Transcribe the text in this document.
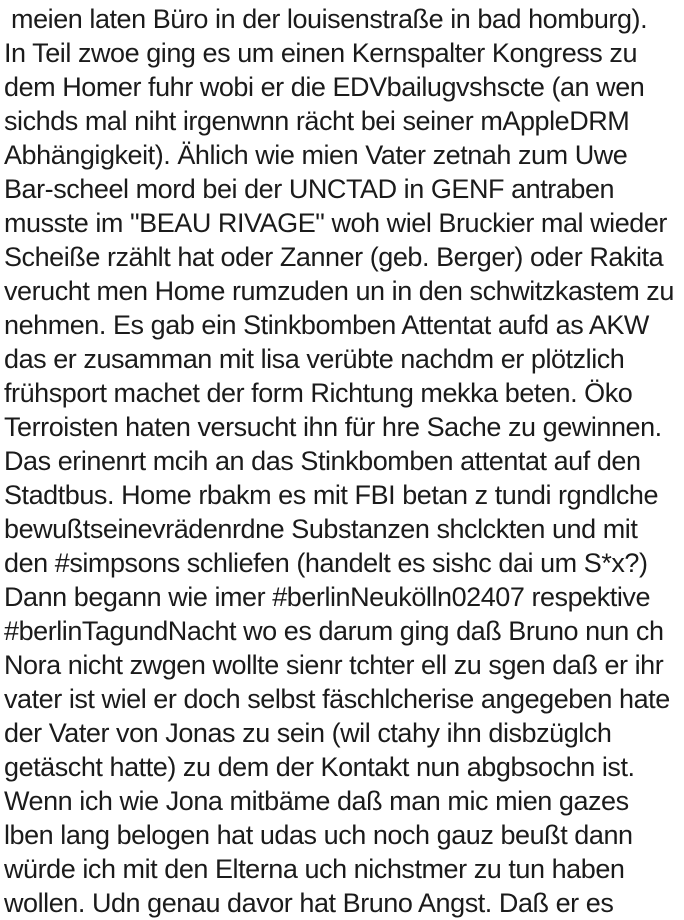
meien laten Büro in der louisenstraße in bad homburg).
In Teil zwoe ging es um einen Kernspalter Kongress zu
dem Homer fuhr wobi er die EDVbailugvshscte (an wen
sichds mal niht irgenwnn rächt bei seiner mAppleDRM
Abhängigkeit). Ählich wie mien Vater zetnah zum Uwe
Bar-scheel mord bei der UNCTAD in GENF antraben
musste im "BEAU RIVAGE" woh wiel Bruckier mal wieder
Scheiße rzählt hat oder Zanner (geb. Berger) oder Rakita
verucht men Home rumzuden un in den schwitzkastem zu
nehmen. Es gab ein Stinkbomben Attentat aufd as AKW
das er zusamman mit lisa verübte nachdm er plötzlich
frühsport machet der form Richtung mekka beten. Öko
Terroisten haten versucht ihn für hre Sache zu gewinnen.
Das erinenrt mcih an das Stinkbomben attentat auf den
Stadtbus. Home rbakm es mit FBI betan z tundi rgndlche
bewußtseinevrädenrdne Substanzen shclckten und mit
den #simpsons schliefen (handelt es sishc dai um S*x?)
Dann begann wie imer #berlinNeukölln02407 respektive
#berlinTagundNacht wo es darum ging daß Bruno nun ch
Nora nicht zwgen wollte sienr tchter ell zu sgen daß er ihr
vater ist wiel er doch selbst fäschlcherise angegeben hate
der Vater von Jonas zu sein (wil ctahy ihn disbzüglch
getäscht hatte) zu dem der Kontakt nun abgbsochn ist.
Wenn ich wie Jona mitbäme daß man mic mien gazes
lben lang belogen hat udas uch noch gauz beußt dann
würde ich mit den Elterna uch nichstmer zu tun haben
wollen. Udn genau davor hat Bruno Angst. Daß er es
